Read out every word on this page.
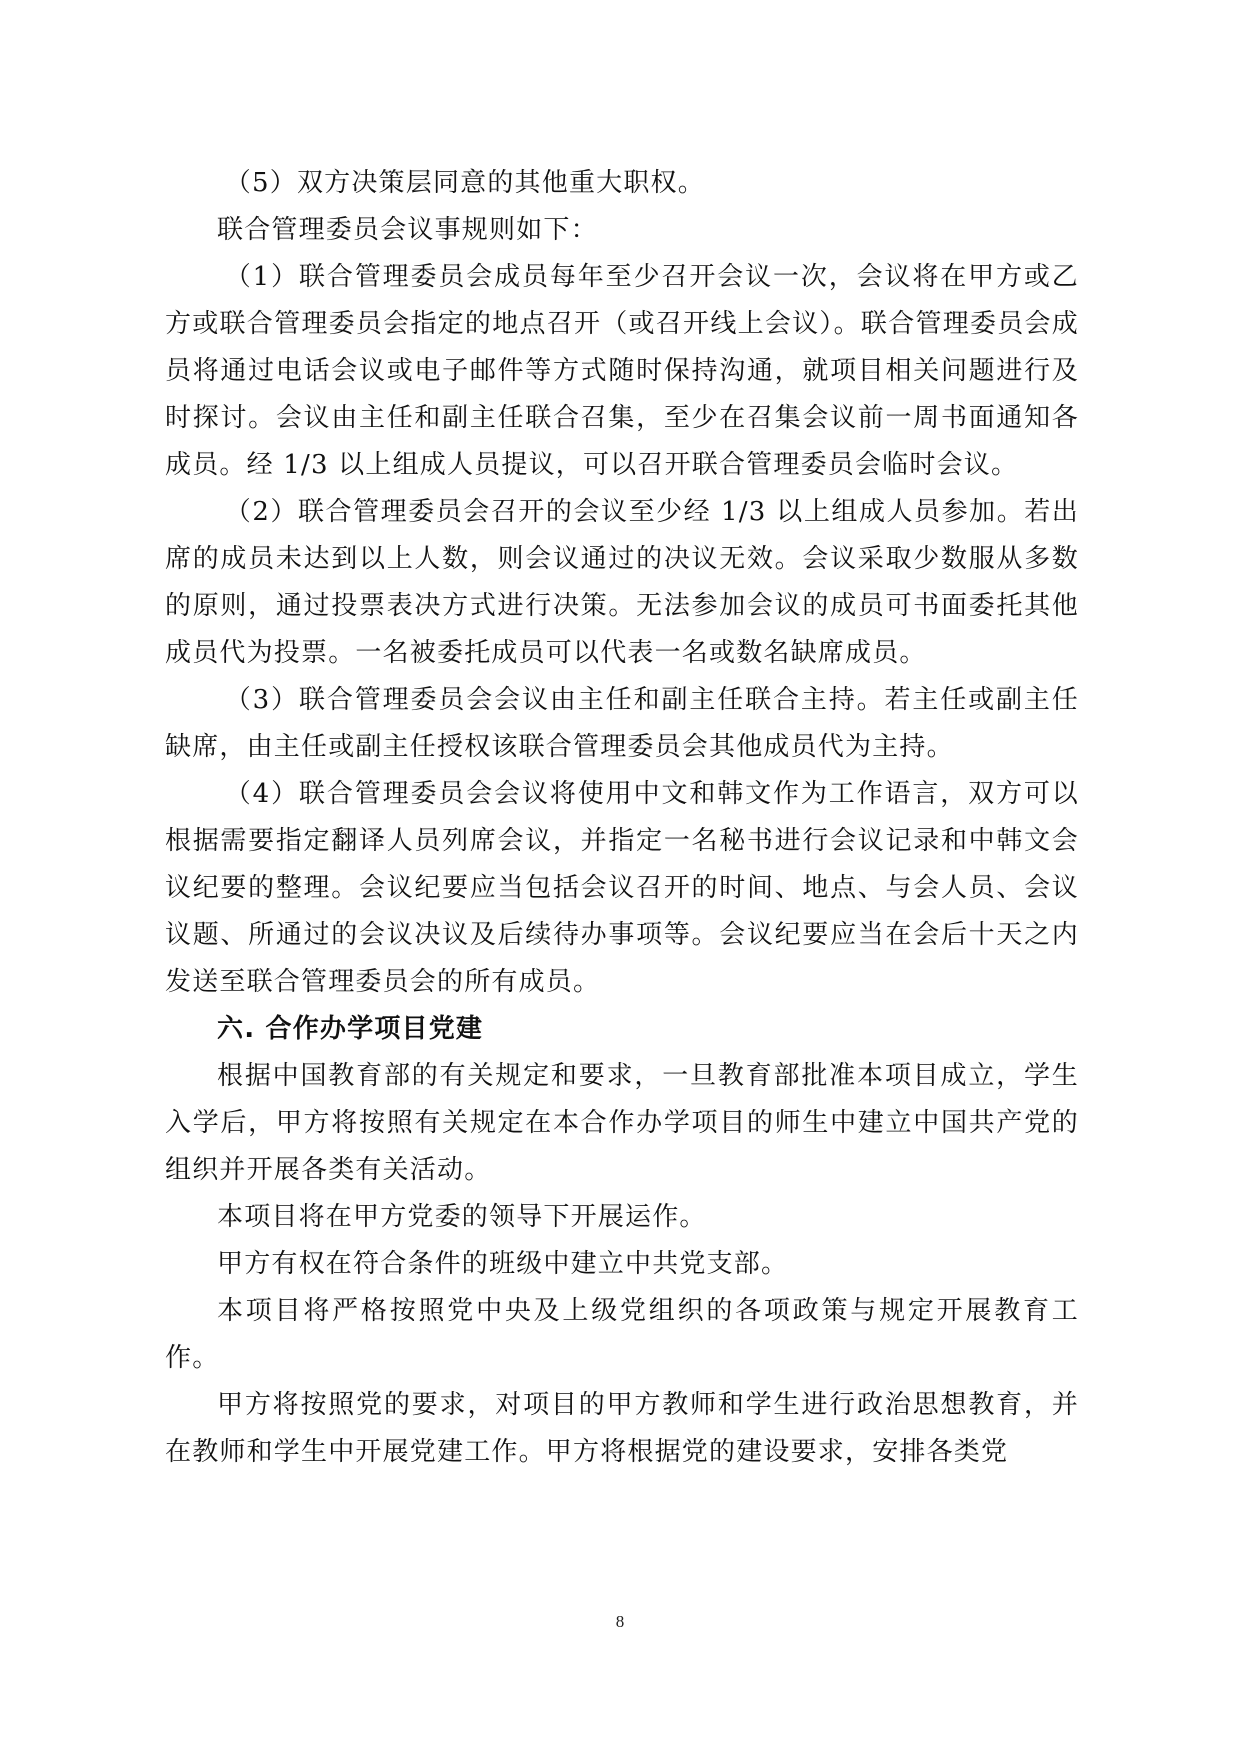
（5）双方决策层同意的其他重大职权。

联合管理委员会议事规则如下：

（1）联合管理委员会成员每年至少召开会议一次，会议将在甲方或乙方或联合管理委员会指定的地点召开（或召开线上会议）。联合管理委员会成员将通过电话会议或电子邮件等方式随时保持沟通，就项目相关问题进行及时探讨。会议由主任和副主任联合召集，至少在召集会议前一周书面通知各成员。经 1/3 以上组成人员提议，可以召开联合管理委员会临时会议。

（2）联合管理委员会召开的会议至少经 1/3 以上组成人员参加。若出席的成员未达到以上人数，则会议通过的决议无效。会议采取少数服从多数的原则，通过投票表决方式进行决策。无法参加会议的成员可书面委托其他成员代为投票。一名被委托成员可以代表一名或数名缺席成员。

（3）联合管理委员会会议由主任和副主任联合主持。若主任或副主任缺席，由主任或副主任授权该联合管理委员会其他成员代为主持。

（4）联合管理委员会会议将使用中文和韩文作为工作语言，双方可以根据需要指定翻译人员列席会议，并指定一名秘书进行会议记录和中韩文会议纪要的整理。会议纪要应当包括会议召开的时间、地点、与会人员、会议议题、所通过的会议决议及后续待办事项等。会议纪要应当在会后十天之内发送至联合管理委员会的所有成员。

六. 合作办学项目党建

根据中国教育部的有关规定和要求，一旦教育部批准本项目成立，学生入学后，甲方将按照有关规定在本合作办学项目的师生中建立中国共产党的组织并开展各类有关活动。

本项目将在甲方党委的领导下开展运作。

甲方有权在符合条件的班级中建立中共党支部。

本项目将严格按照党中央及上级党组织的各项政策与规定开展教育工作。

甲方将按照党的要求，对项目的甲方教师和学生进行政治思想教育，并在教师和学生中开展党建工作。甲方将根据党的建设要求，安排各类党

8
